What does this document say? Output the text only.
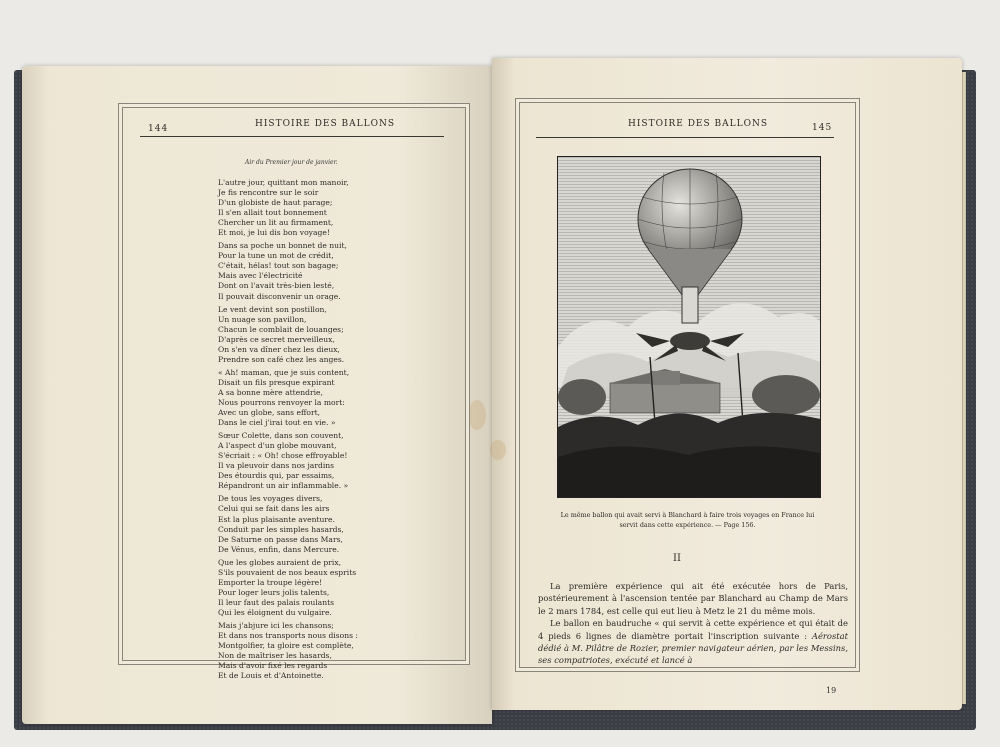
144	HISTOIRE DES BALLONS
Air du Premier jour de janvier.

L'autre jour, quittant mon manoir,
Je fis rencontre sur le soir
D'un globiste de haut parage;
Il s'en allait tout bonnement
Chercher un lit au firmament,
Et moi, je lui dis bon voyage!

Dans sa poche un bonnet de nuit,
Pour la tune un mot de crédit,
C'était, hélas! tout son bagage;
Mais avec l'électricité
Dont on l'avait très-bien lesté,
Il pouvait disconvenir un orage.

Le vent devint son postillon,
Un nuage son pavillon,
Chacun le comblait de louanges;
D'après ce secret merveilleux,
On s'en va dîner chez les dieux,
Prendre son café chez les anges.

« Ah! maman, que je suis content,
Disait un fils presque expirant
A sa bonne mère attendrie,
Nous pourrons renvoyer la mort:
Avec un globe, sans effort,
Dans le ciel j'irai tout en vie. »

Sœur Colette, dans son couvent,
A l'aspect d'un globe mouvant,
S'écriait : « Oh! chose effroyable!
Il va pleuvoir dans nos jardins
Des étourdis qui, par essaims,
Répandront un air inflammable. »

De tous les voyages divers,
Celui qui se fait dans les airs
Est la plus plaisante aventure.
Conduit par les simples hasards,
De Saturne on passe dans Mars,
De Vénus, enfin, dans Mercure.

Que les globes auraient de prix,
S'ils pouvaient de nos beaux esprits
Emporter la troupe légère!
Pour loger leurs jolis talents,
Il leur faut des palais roulants
Qui les éloignent du vulgaire.

Mais j'abjure ici les chansons;
Et dans nos transports nous disons :
Montgolfier, ta gloire est complète,
Non de maîtriser les hasards,
Mais d'avoir fixé les regards
Et de Louis et d'Antoinette.

HISTOIRE DES BALLONS	145
Le même ballon qui avait servi à Blanchard à faire trois voyages en France lui servit dans cette expérience. — Page 156.
II

La première expérience qui ait été exécutée hors de Paris, postérieurement à l'ascension tentée par Blanchard au Champ de Mars le 2 mars 1784, est celle qui eut lieu à Metz le 21 du même mois.

Le ballon en baudruche « qui servit à cette expérience et qui était de 4 pieds 6 lignes de diamètre portait l'inscription suivante : Aérostat dédié à M. Pilâtre de Rozier, premier navigateur aérien, par les Messins, ses compatriotes, exécuté et lancé à

19
